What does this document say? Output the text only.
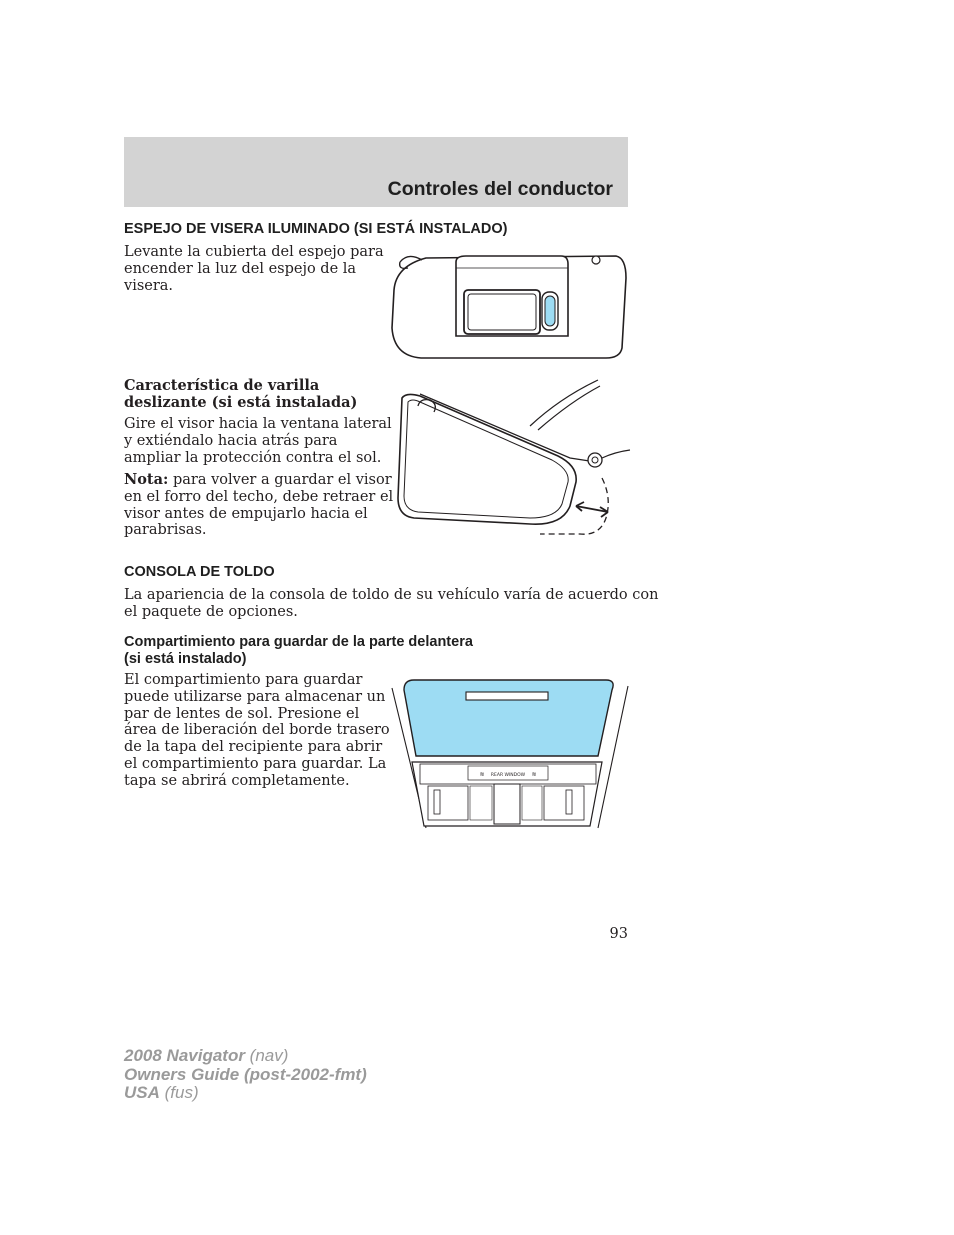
Controles del conductor
ESPEJO DE VISERA ILUMINADO (SI ESTÁ INSTALADO)
Levante la cubierta del espejo para
encender la luz del espejo de la
visera.
Característica de varilla
deslizante (si está instalada)
Gire el visor hacia la ventana lateral
y extiéndalo hacia atrás para
ampliar la protección contra el sol.
Nota: para volver a guardar el visor
en el forro del techo, debe retraer el
visor antes de empujarlo hacia el
parabrisas.
CONSOLA DE TOLDO
La apariencia de la consola de toldo de su vehículo varía de acuerdo con
el paquete de opciones.
Compartimiento para guardar de la parte delantera
(si está instalado)
El compartimiento para guardar
puede utilizarse para almacenar un
par de lentes de sol. Presione el
área de liberación del borde trasero
de la tapa del recipiente para abrir
el compartimiento para guardar. La
tapa se abrirá completamente.	REAR WINDOW
≋	≋
93
2008 Navigator (nav)
Owners Guide (post-2002-fmt)
USA (fus)
